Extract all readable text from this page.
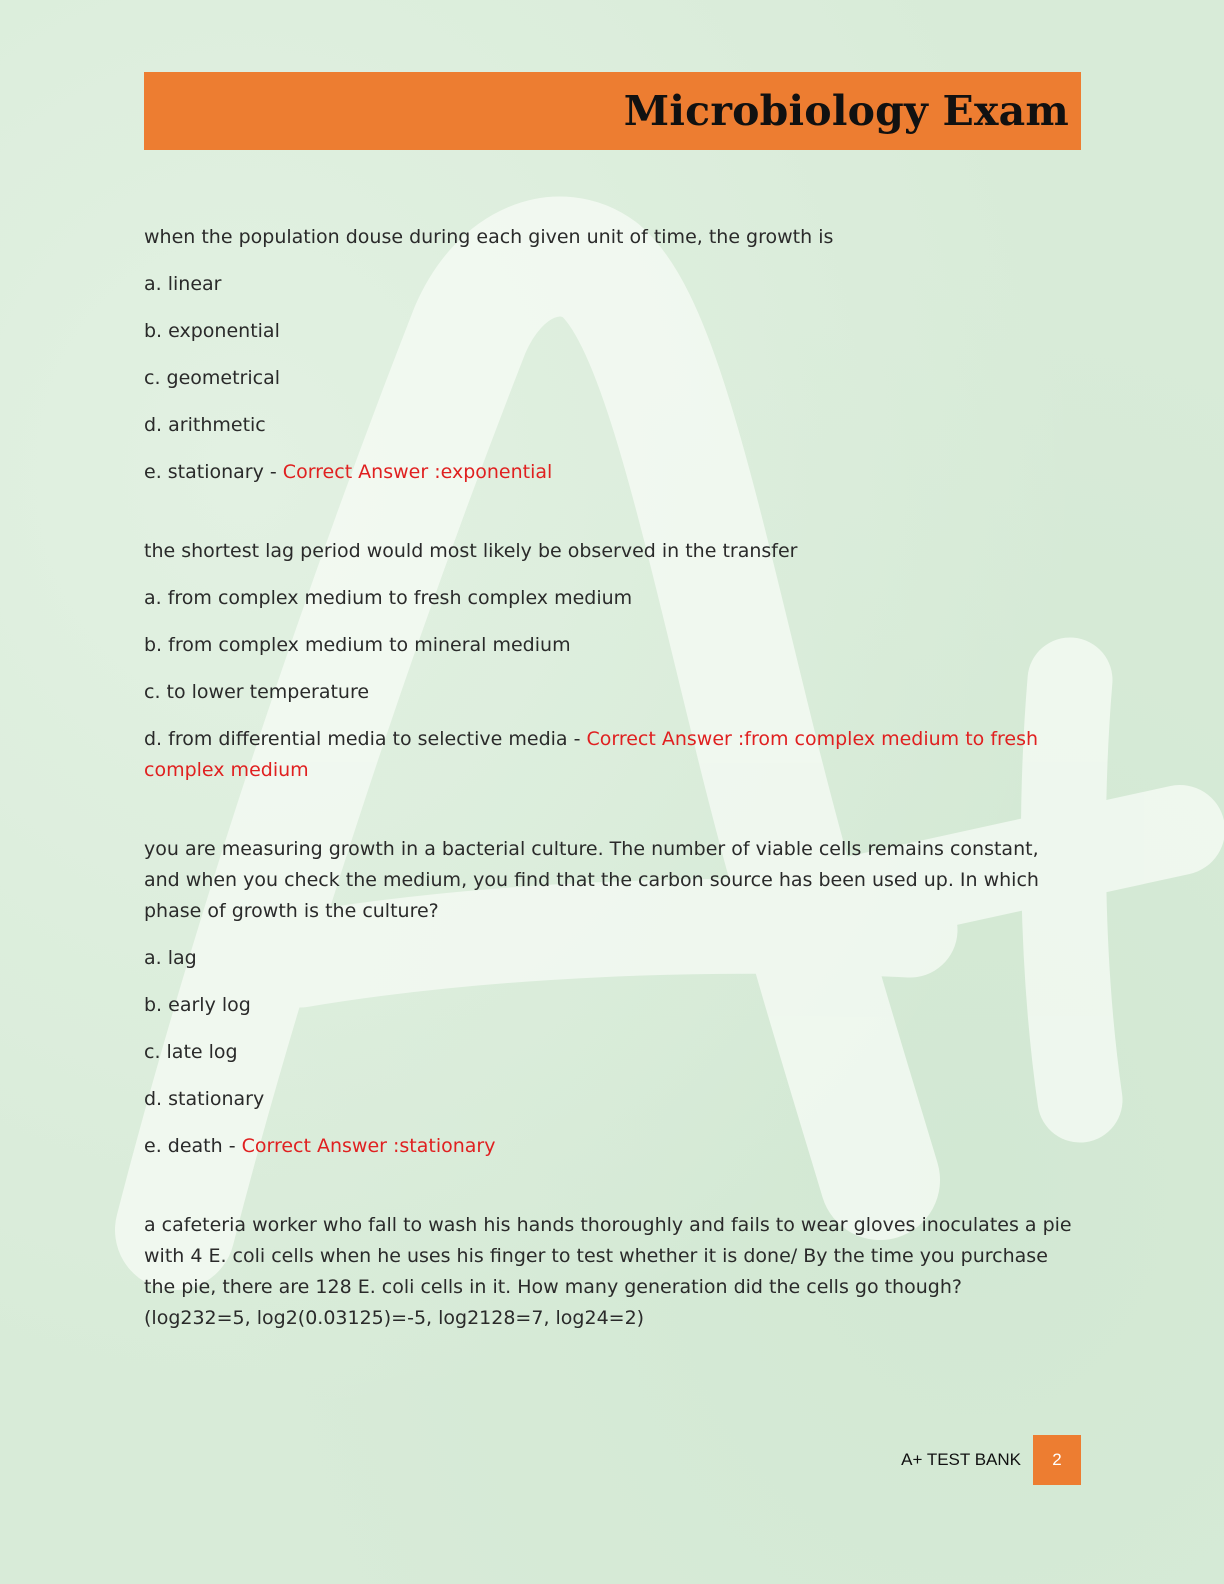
Microbiology Exam

when the population douse during each given unit of time, the growth is

a. linear

b. exponential

c. geometrical

d. arithmetic

e. stationary - Correct Answer :exponential

the shortest lag period would most likely be observed in the transfer

a. from complex medium to fresh complex medium

b. from complex medium to mineral medium

c. to lower temperature

d. from differential media to selective media - Correct Answer :from complex medium to fresh complex medium

you are measuring growth in a bacterial culture. The number of viable cells remains constant, and when you check the medium, you find that the carbon source has been used up. In which phase of growth is the culture?

a. lag

b. early log

c. late log

d. stationary

e. death - Correct Answer :stationary

a cafeteria worker who fall to wash his hands thoroughly and fails to wear gloves inoculates a pie with 4 E. coli cells when he uses his finger to test whether it is done/ By the time you purchase the pie, there are 128 E. coli cells in it. How many generation did the cells go though? (log232=5, log2(0.03125)=-5, log2128=7, log24=2)

A+ TEST BANK 2
